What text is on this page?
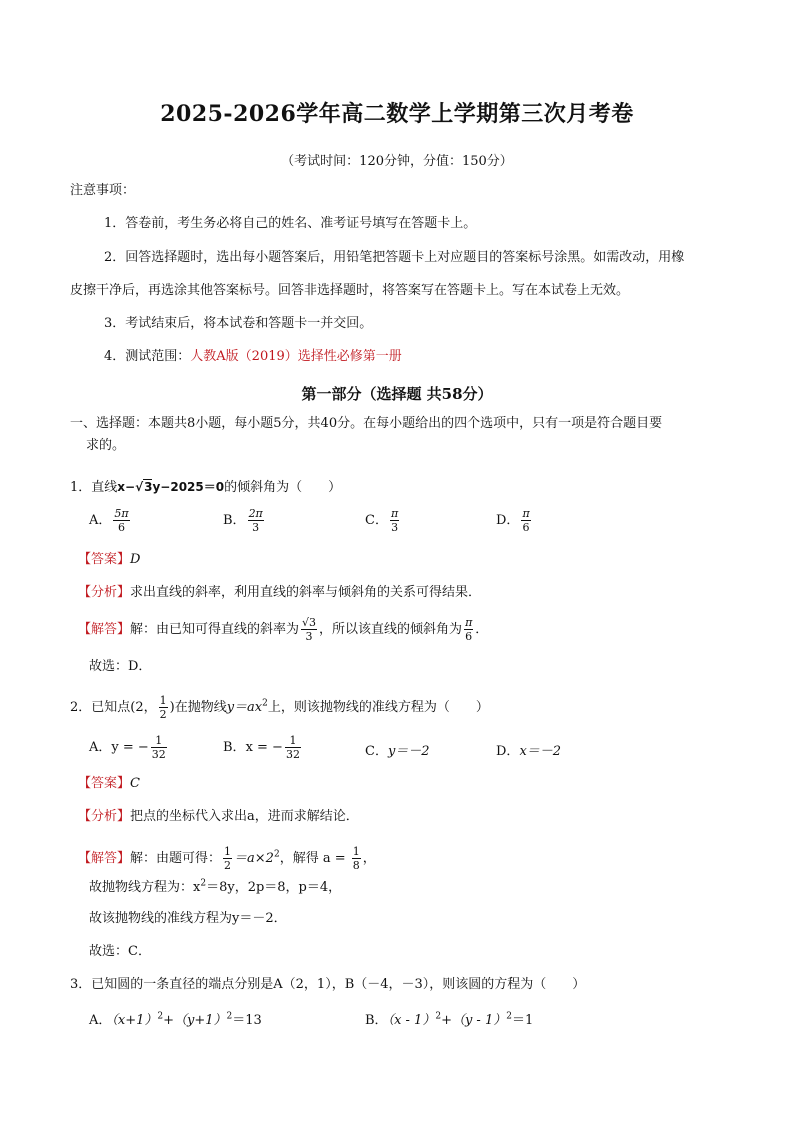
2025-2026学年高二数学上学期第三次月考卷
（考试时间：120分钟，分值：150分）
注意事项：
1．答卷前，考生务必将自己的姓名、准考证号填写在答题卡上。
2．回答选择题时，选出每小题答案后，用铅笔把答题卡上对应题目的答案标号涂黑。如需改动，用橡
皮擦干净后，再选涂其他答案标号。回答非选择题时，将答案写在答题卡上。写在本试卷上无效。
3．考试结束后，将本试卷和答题卡一并交回。
4．测试范围：人教A版（2019）选择性必修第一册
第一部分（选择题 共58分）
一、选择题：本题共8小题，每小题5分，共40分。在每小题给出的四个选项中，只有一项是符合题目要
求的。
1．直线x−√3y−2025＝0的倾斜角为（　　）
A． $\frac{5\pi}{6}$	B． $\frac{2\pi}{3}$	C． $\frac{\pi}{3}$	D． $\frac{\pi}{6}$
【答案】D
【分析】求出直线的斜率，利用直线的斜率与倾斜角的关系可得结果．
【解答】解：由已知可得直线的斜率为 $\frac{√3}{3}$ ，所以该直线的倾斜角为 $\frac{\pi}{6}$ ．
故选：D．
2．已知点(2， $\frac{1}{2}$ )在抛物线$y=ax^2$上，则该抛物线的准线方程为（　　）
A．y = − $\frac{1}{32}$	B．x = − $\frac{1}{32}$	C．y＝－2	D．x＝－2
【答案】C
【分析】把点的坐标代入求出a，进而求解结论．
【解答】解：由题可得： $\frac{1}{2} =a\times 2^2$，解得 $a = \frac{1}{8}$ ，
故抛物线方程为：$x^2=8y$，2p＝8，p＝4，
故该抛物线的准线方程为y＝－2．
故选：C．
3．已知圆的一条直径的端点分别是A（2，1），B（－4，－3），则该圆的方程为（　　）
A．$(x+1)^2+(y+1)^2=13$	B．（x - 1）$^2$+（y - 1）$^2$＝1
